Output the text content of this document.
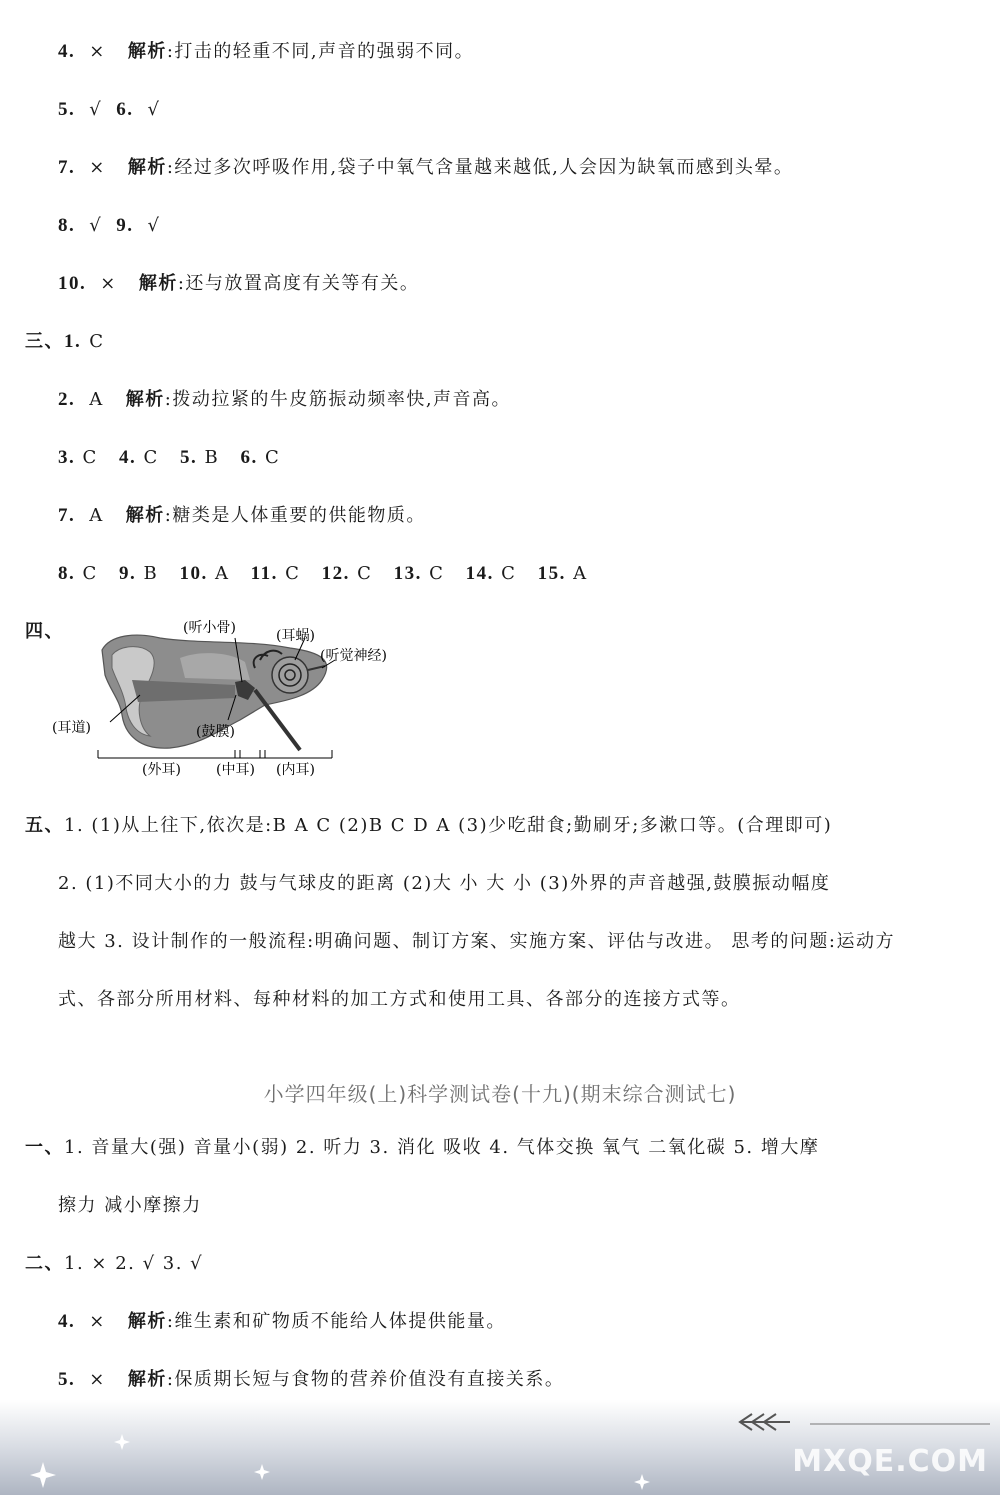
4. × 解析:打击的轻重不同,声音的强弱不同。
5. √ 6. √
7. × 解析:经过多次呼吸作用,袋子中氧气含量越来越低,人会因为缺氧而感到头晕。
8. √ 9. √
10. × 解析:还与放置高度有关等有关。
三、1. C
2. A 解析:拨动拉紧的牛皮筋振动频率快,声音高。
3. C 4. C 5. B 6. C
7. A 解析:糖类是人体重要的供能物质。
8. C 9. B 10. A 11. C 12. C 13. C 14. C 15. A
四、	(听小骨)	(耳蜗)
(听觉神经)
(耳道)	(鼓膜)
(外耳)	(中耳) (内耳)
五、1. (1)从上往下,依次是:B A C (2)B C D A (3)少吃甜食;勤刷牙;多漱口等。(合理即可)
2. (1)不同大小的力 鼓与气球皮的距离 (2)大 小 大 小 (3)外界的声音越强,鼓膜振动幅度
越大 3. 设计制作的一般流程:明确问题、制订方案、实施方案、评估与改进。 思考的问题:运动方
式、各部分所用材料、每种材料的加工方式和使用工具、各部分的连接方式等。
小学四年级(上)科学测试卷(十九)(期末综合测试七)
一、1. 音量大(强) 音量小(弱) 2. 听力 3. 消化 吸收 4. 气体交换 氧气 二氧化碳 5. 增大摩
擦力 减小摩擦力
二、1. × 2. √ 3. √
4. × 解析:维生素和矿物质不能给人体提供能量。
5. × 解析:保质期长短与食物的营养价值没有直接关系。
MXQE.COM
